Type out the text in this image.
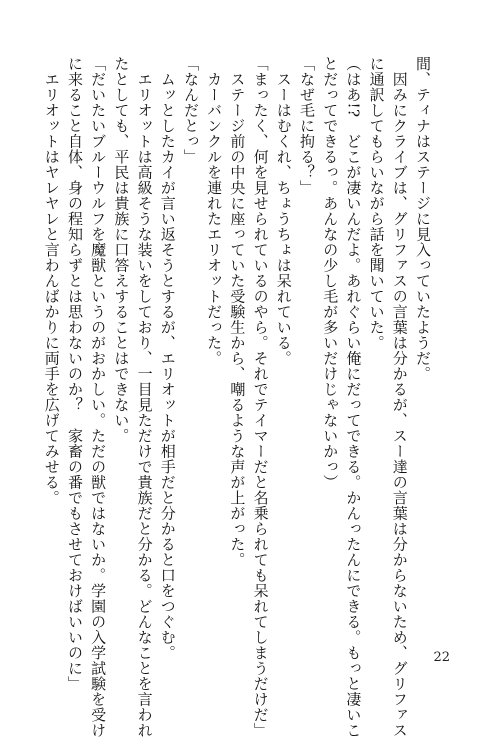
間、ティナはステージに見入っていたようだ。
　因みにクライブは、グリファスの言葉は分かるが、スー達の言葉は分からないため、グリファス
に通訳してもらいながら話を聞いていた。
（はあ!?　どこが凄いんだよ。あれぐらい俺にだってできる。かんったんにできる。もっと凄いこ
とだってできるっ。あんなの少し毛が多いだけじゃないかっ）
「なぜ毛に拘る？」
　スーはむくれ、ちょうちょは呆れている。
「まったく、何を見せられているのやら。それでテイマーだと名乗られても呆れてしまうだけだ」
　ステージ前の中央に座っていた受験生から、嘲るような声が上がった。
　カーバンクルを連れたエリオットだった。
「なんだとっ」
　ムッとしたカイが言い返そうとするが、エリオットが相手だと分かると口をつぐむ。
　エリオットは高級そうな装いをしており、一目見ただけで貴族だと分かる。どんなことを言われ
たとしても、平民は貴族に口答えすることはできない。
「だいたいブルーウルフを魔獣というのがおかしい。ただの獣ではないか。学園の入学試験を受け
に来ること自体、身の程知らずとは思わないのか？　家畜の番でもさせておけばいいのに」
　エリオットはヤレヤレと言わんばかりに両手を広げてみせる。
22
